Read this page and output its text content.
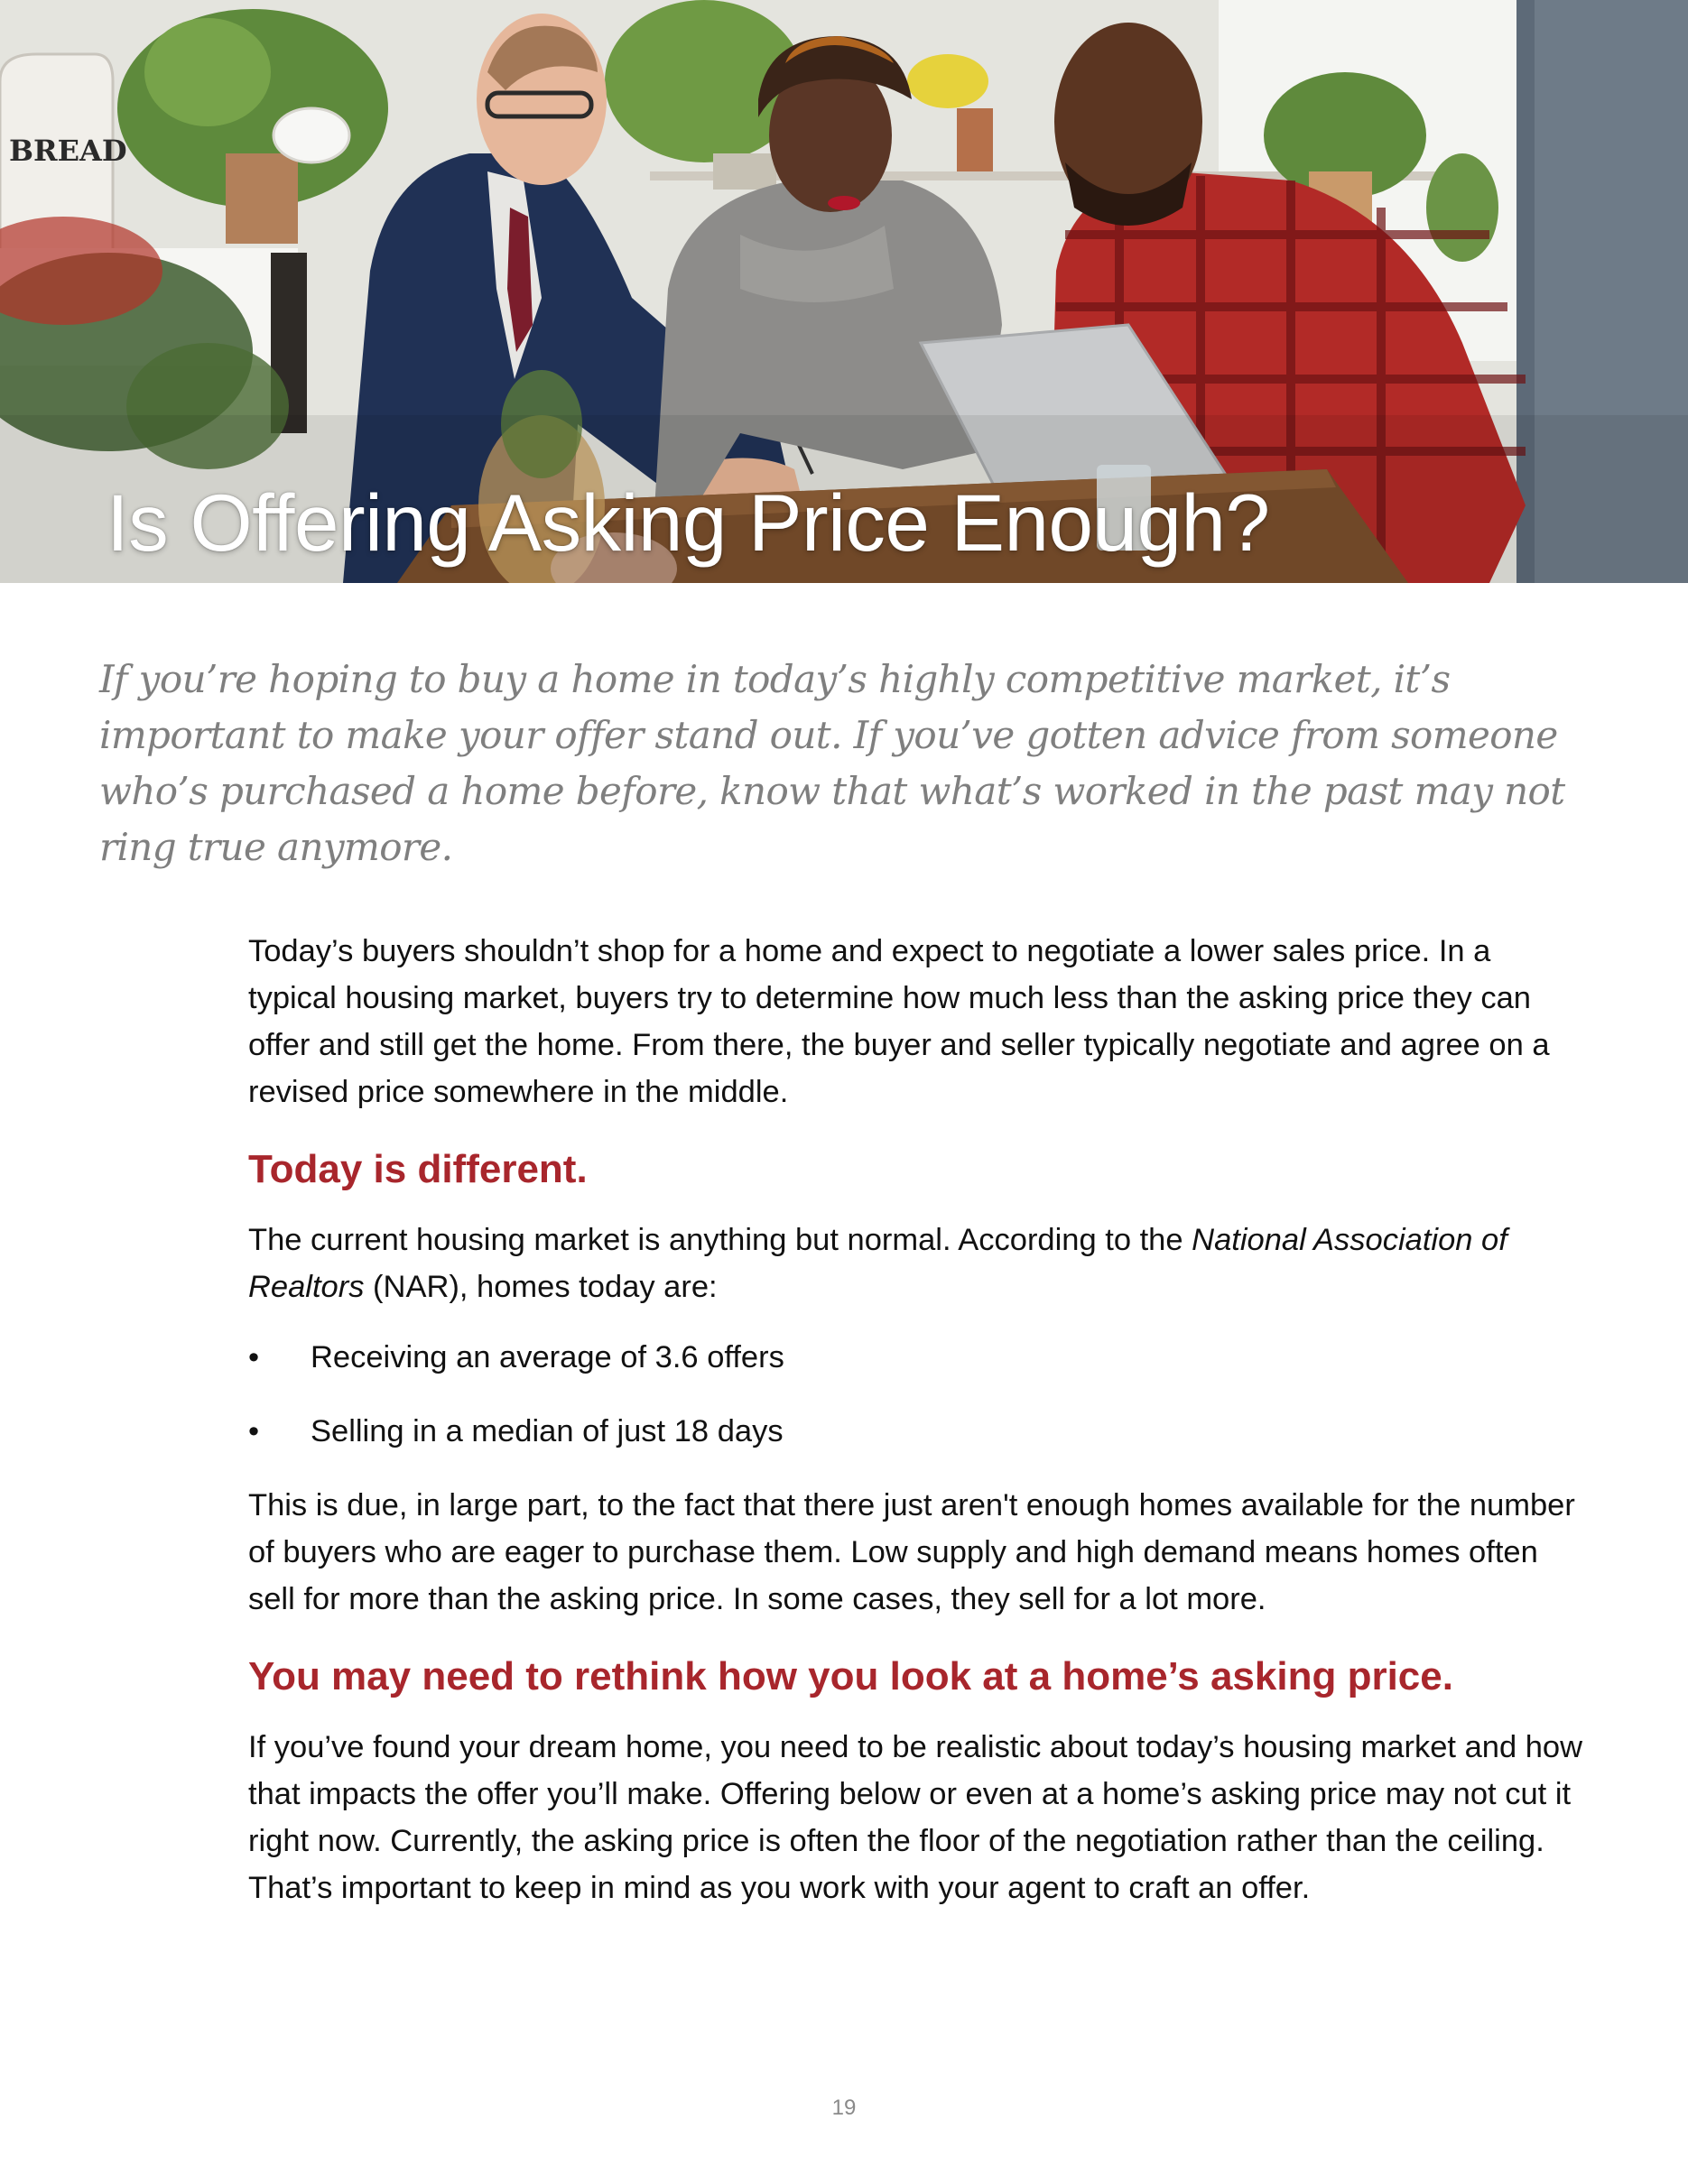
BREAD
Is Offering Asking Price Enough?

If you’re hoping to buy a home in today’s highly competitive market, it’s important to make your offer stand out. If you’ve gotten advice from someone who’s purchased a home before, know that what’s worked in the past may not ring true anymore.

Today’s buyers shouldn’t shop for a home and expect to negotiate a lower sales price. In a typical housing market, buyers try to determine how much less than the asking price they can offer and still get the home. From there, the buyer and seller typically negotiate and agree on a revised price somewhere in the middle.

Today is different.

The current housing market is anything but normal. According to the National Association of Realtors (NAR), homes today are:

• Receiving an average of 3.6 offers
• Selling in a median of just 18 days

This is due, in large part, to the fact that there just aren't enough homes available for the number of buyers who are eager to purchase them. Low supply and high demand means homes often sell for more than the asking price. In some cases, they sell for a lot more.

You may need to rethink how you look at a home’s asking price.

If you’ve found your dream home, you need to be realistic about today’s housing market and how that impacts the offer you’ll make. Offering below or even at a home’s asking price may not cut it right now. Currently, the asking price is often the floor of the negotiation rather than the ceiling. That’s important to keep in mind as you work with your agent to craft an offer.

19
